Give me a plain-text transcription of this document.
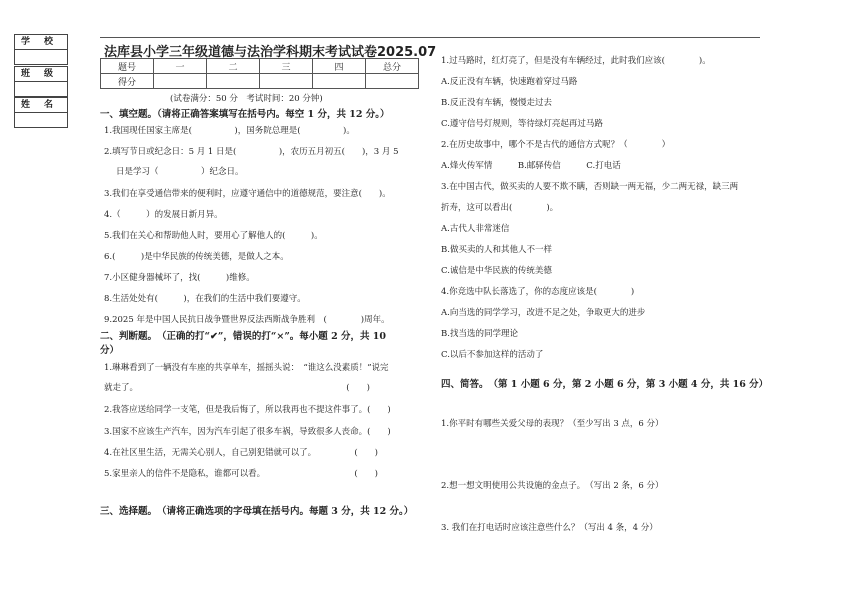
学校
班级
姓名
法库县小学三年级道德与法治学科期末考试试卷2025.07
题号	一	二	三	四	总分
得分					
(试卷满分：50 分　考试时间：20 分钟)
一、填空题。（请将正确答案填写在括号内。每空 1 分，共 12 分。）
1.我国现任国家主席是(　　　　　)，国务院总理是(　　　　　)。
2.填写节日或纪念日：5 月 1 日是(　　　　　)，农历五月初五(　　)，3 月 5
日是学习（　　　　　）纪念日。
3.我们在享受通信带来的便利时，应遵守通信中的道德规范，要注意(　　)。
4.（　　　）的发展日新月异。
5.我们在关心和帮助他人时，要用心了解他人的(　　　)。
6.(　　　)是中华民族的传统美德，是做人之本。
7.小区健身器械坏了，找(　　　)维修。
8.生活处处有(　　　)，在我们的生活中我们要遵守。
9.2025 年是中国人民抗日战争暨世界反法西斯战争胜利　(　　　　)周年。
二、判断题。　（正确的打“✔”，错误的打“×”。每小题 2 分，共 10
分）
1.琳琳看到了一辆没有车座的共享单车，摇摇头说：　“谁这么没素质！”说完
就走了。　　　　　　　　　　　　　　　　　　　　　　　　　(　　)
2.我答应送给同学一支笔，但是我后悔了，所以我再也不提这件事了。(　　)
3.国家不应该生产汽车，因为汽车引起了很多车祸，导致很多人丧命。(　　)
4.在社区里生活，无需关心别人，自己别犯错就可以了。　　　　　(　　)
5.家里亲人的信件不是隐私，谁都可以看。　　　　　　　　　　　(　　)
三、选择题。　（请将正确选项的字母填在括号内。每题 3 分，共 12 分。）
1.过马路时，红灯亮了，但是没有车辆经过，此时我们应该(　　　　)。
A.反正没有车辆，快速跑着穿过马路
B.反正没有车辆，慢慢走过去
C.遵守信号灯规则，等待绿灯亮起再过马路
2.在历史故事中，哪个不是古代的通信方式呢？（　　　　）
A.烽火传军情　　　B.邮驿传信　　　C.打电话
3.在中国古代，做买卖的人要不欺不瞒，否则缺一两无福，少二两无禄，缺三两
折寿，这可以看出(　　　　)。
A.古代人非常迷信
B.做买卖的人和其他人不一样
C.诚信是中华民族的传统美德
4.你竞选中队长落选了，你的态度应该是(　　　　)
A.向当选的同学学习，改进不足之处，争取更大的进步
B.找当选的同学理论
C.以后不参加这样的活动了
四、简答。　（第 1 小题 6 分，第 2 小题 6 分，第 3 小题 4 分，共 16 分）
1.你平时有哪些关爱父母的表现？（至少写出 3 点，6 分）
2.想一想文明使用公共设施的金点子。　（写出 2 条，6 分）
3. 我们在打电话时应该注意些什么？（写出 4 条，4 分）
